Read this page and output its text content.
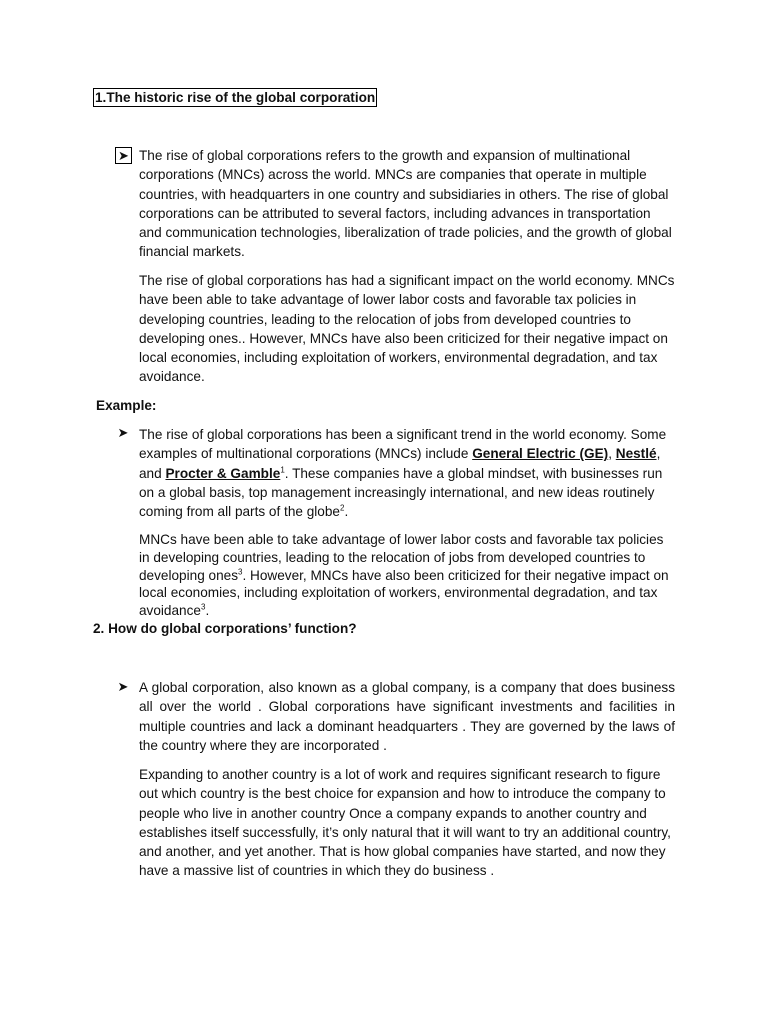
1.The historic rise of the global corporation
➤ The rise of global corporations refers to the growth and expansion of multinational corporations (MNCs) across the world. MNCs are companies that operate in multiple countries, with headquarters in one country and subsidiaries in others. The rise of global corporations can be attributed to several factors, including advances in transportation and communication technologies, liberalization of trade policies, and the growth of global financial markets.

The rise of global corporations has had a significant impact on the world economy. MNCs have been able to take advantage of lower labor costs and favorable tax policies in developing countries, leading to the relocation of jobs from developed countries to developing ones.. However, MNCs have also been criticized for their negative impact on local economies, including exploitation of workers, environmental degradation, and tax avoidance.

Example:
➤ The rise of global corporations has been a significant trend in the world economy. Some examples of multinational corporations (MNCs) include General Electric (GE), Nestlé, and Procter & Gamble$^1$. These companies have a global mindset, with businesses run on a global basis, top management increasingly international, and new ideas routinely coming from all parts of the globe$^2$.

MNCs have been able to take advantage of lower labor costs and favorable tax policies in developing countries, leading to the relocation of jobs from developed countries to developing ones$^3$. However, MNCs have also been criticized for their negative impact on local economies, including exploitation of workers, environmental degradation, and tax avoidance$^3$.

2. How do global corporations’ function?
➤ A global corporation, also known as a global company, is a company that does business all over the world . Global corporations have significant investments and facilities in multiple countries and lack a dominant headquarters . They are governed by the laws of the country where they are incorporated .

Expanding to another country is a lot of work and requires significant research to figure out which country is the best choice for expansion and how to introduce the company to people who live in another country Once a company expands to another country and establishes itself successfully, it’s only natural that it will want to try an additional country, and another, and yet another. That is how global companies have started, and now they have a massive list of countries in which they do business .
